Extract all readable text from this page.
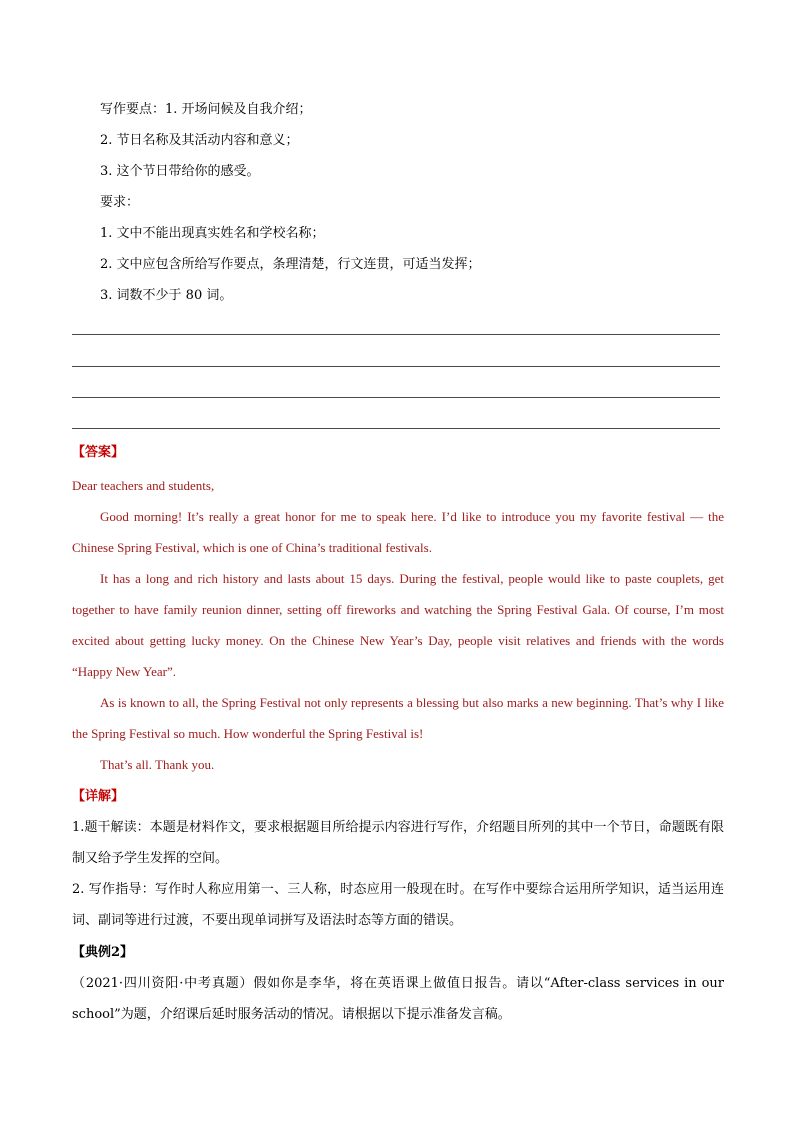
写作要点：1. 开场问候及自我介绍；
2. 节日名称及其活动内容和意义；
3. 这个节日带给你的感受。
要求：
1. 文中不能出现真实姓名和学校名称；
2. 文中应包含所给写作要点，条理清楚，行文连贯，可适当发挥；
3. 词数不少于 80 词。
【答案】
Dear teachers and students,
Good morning! It’s really a great honor for me to speak here. I’d like to introduce you my favorite festival — the Chinese Spring Festival, which is one of China’s traditional festivals.
It has a long and rich history and lasts about 15 days. During the festival, people would like to paste couplets, get together to have family reunion dinner, setting off fireworks and watching the Spring Festival Gala. Of course, I’m most excited about getting lucky money. On the Chinese New Year’s Day, people visit relatives and friends with the words “Happy New Year”.
As is known to all, the Spring Festival not only represents a blessing but also marks a new beginning. That’s why I like the Spring Festival so much. How wonderful the Spring Festival is!
That’s all. Thank you.
【详解】
1.题干解读：本题是材料作文，要求根据题目所给提示内容进行写作，介绍题目所列的其中一个节日，命题既有限制又给予学生发挥的空间。
2. 写作指导：写作时人称应用第一、三人称，时态应用一般现在时。在写作中要综合运用所学知识，适当运用连词、副词等进行过渡，不要出现单词拼写及语法时态等方面的错误。
【典例2】
（2021·四川资阳·中考真题）假如你是李华，将在英语课上做值日报告。请以“After-class services in our school”为题，介绍课后延时服务活动的情况。请根据以下提示准备发言稿。
